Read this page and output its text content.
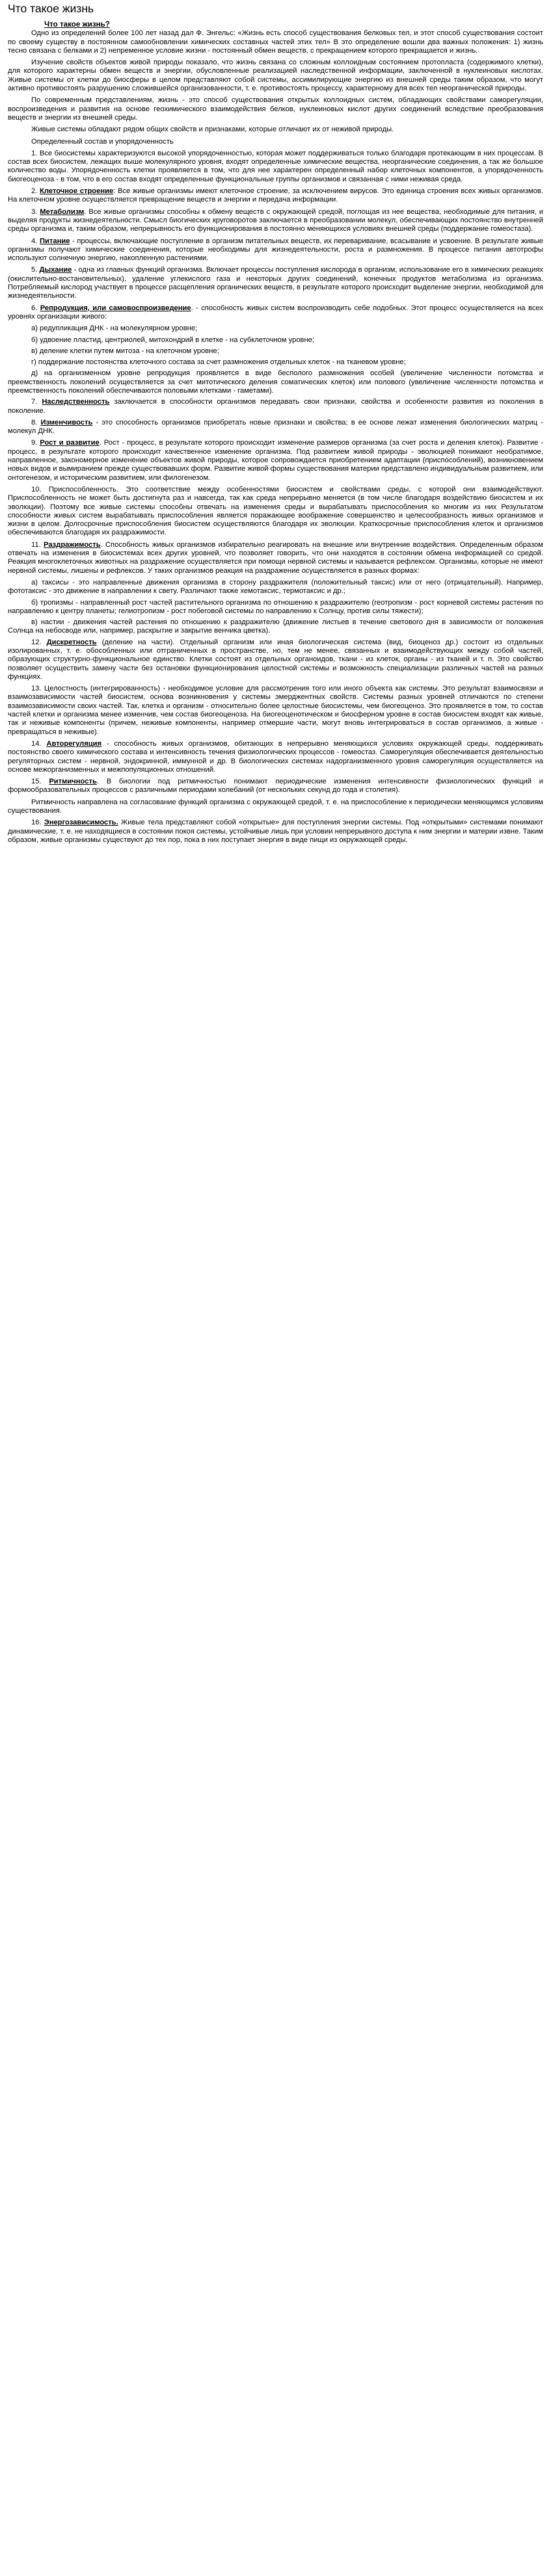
Что такое жизнь
Что такое жизнь?

Одно из определений более 100 лет назад дал Ф. Энгельс: «Жизнь есть способ существования белковых тел, и этот способ существования состоит по своему существу в постоянном самообновлении химических составных частей этих тел» В это определение вошли два важных положения: 1) жизнь тесно связана с белками и 2) непременное условие жизни - постоянный обмен веществ, с прекращением которого прекращается и жизнь.

Изучение свойств объектов живой природы показало, что жизнь связана со сложным коллоидным состоянием протопласта (содержимого клетки), для которого характерны обмен веществ и энергии, обусловленные реализацией наследственной информации, заключенной в нуклеиновых кислотах. Живые системы от клетки до биосферы в целом представляют собой системы, ассимилирующие энергию из внешней среды таким образом, что могут активно противостоять разрушению сложившейся организованности, т. е. противостоять процессу, характерному для всех тел неорганической природы.

По современным представлениям, жизнь - это способ существования открытых коллоидных систем, обладающих свойствами саморегуляции, воспроизведения и развития на основе геохимического взаимодействия белков, нуклеиновых кислот других соединений вследствие преобразования веществ и энергии из внешней среды.

Живые системы обладают рядом общих свойств и признаками, которые отличают их от неживой природы.

Определенный состав и упорядоченность

1. Все биосистемы характеризуются высокой упорядоченностью, которая может поддерживаться только благодаря протекающим в них процессам. В состав всех биосистем, лежащих выше молекулярного уровня, входят определенные химические вещества, неорганические соединения, а так же большое количество воды. Упорядоченность клетки проявляется в том, что для нее характерен определенный набор клеточных компонентов, а упорядоченность биогеоценоза - в том, что в его состав входят определенные функциональные группы организмов и связанная с ними неживая среда.

2. Клеточное строение: Все живые организмы имеют клеточное строение, за исключением вирусов. Это единица строения всех живых организмов. На клеточном уровне осуществляется превращение веществ и энергии и передача информации.

3. Метаболизм. Все живые организмы способны к обмену веществ с окружающей средой, поглощая из нее вещества, необходимые для питания, и выделяя продукты жизнедеятельности. Смысл биогических круговоротов заключается в преобразовании молекул, обеспечивающих постоянство внутренней среды организма и, таким образом, непрерывность его функционирования в постоянно меняющихся условиях внешней среды (поддержание гомеостаза).

4. Питание - процессы, включающие поступление в организм питательных веществ, их переваривание, всасывание и усвоение. В результате живые организмы получают химические соединения, которые необходимы для жизнедеятельности, роста и размножения. В процессе питания автотрофы используют солнечную энергию, накопленную растениями.

5. Дыхание - одна из главных функций организма. Включает процессы поступления кислорода в организм, использование его в химических реакциях (окислительно-востановительных), удаление углекислого газа и некоторых других соединений, конечных продуктов метаболизма из организма. Потребляемый кислород участвует в процессе расщепления органических веществ, в результате которого происходит выделение энергии, необходимой для жизнедеятельности.

6. Репродукция, или самовоспроизведение. - способность живых систем воспроизводить себе подобных. Этот процесс осуществляется на всех уровнях организации живого:

а) редупликация ДНК - на молекулярном уровне;

б) удвоение пластид, центриолей, митохондрий в клетке - на субклеточном уровне;

в) деление клетки путем митоза - на клеточном уровне;

г) поддержание постоянства клеточного состава за счет размножения отдельных клеток - на тканевом уровне;

д) на организменном уровне репродукция проявляется в виде бесполого размножения особей (увеличение численности потомства и преемственность поколений осуществляется за счет митотического деления соматических клеток) или полового (увеличение численности потомства и преемственность поколений обеспечиваются половыми клетками - гаметами).

7. Наследственность заключается в способности организмов передавать свои признаки, свойства и особенности развития из поколения в поколение.

8. Изменчивость - это способность организмов приобретать новые признаки и свойства; в ее основе лежат изменения биологических матриц - молекул ДНК.

9. Рост и развитие. Рост - процесс, в результате которого происходит изменение размеров организма (за счет роста и деления клеток). Развитие - процесс, в результате которого происходит качественное изменение организма. Под развитием живой природы - эволюцией понимают необратимое, направленное, закономерное изменение объектов живой природы, которое сопровождается приобретением адаптации (приспособлений), возникновением новых видов и вымиранием прежде существовавших форм. Развитие живой формы существования материи представлено индивидуальным развитием, или онтогенезом, и историческим развитием, или филогенезом.

10. Приспособленность. Это соответствие между особенностями биосистем и свойствами среды, с которой они взаимодействуют. Приспособленность не может быть достигнута раз и навсегда, так как среда непрерывно меняется (в том числе благодаря воздействию биосистем и их эволюции). Поэтому все живые системы способны отвечать на изменения среды и вырабатывать приспособления ко многим из них Результатом способности живых систем вырабатывать приспособления является поражающее воображение совершенство и целесообразность живых организмов и жизни в целом. Долгосрочные приспособления биосистем осуществляются благодаря их эволюции. Краткосрочные приспособления клеток и организмов обеспечиваются благодаря их раздражимости.

11. Раздражимость. Способность живых организмов избирательно реагировать на внешние или внутренние воздействия. Определенным образом отвечать на изменения в биосистемах всех других уровней, что позволяет говорить, что они находятся в состоянии обмена информацией со средой. Реакция многоклеточных животных на раздражение осуществляется при помощи нервной системы и называется рефлексом. Организмы, которые не имеют нервной системы, лишены и рефлексов. У таких организмов реакция на раздражение осуществляется в разных формах:

а) таксисы - это направленные движения организма в сторону раздражителя (положительный таксис) или от него (отрицательный). Например, фототаксис - это движение в направлении к свету. Различают также хемотаксис, термотаксис и др.;

б) тропизмы - направленный рост частей растительного организма по отношению к раздражителю (геотропизм - рост корневой системы растения по направлению к центру планеты; гелиотропизм - рост побеговой системы по направлению к Солнцу, против силы тяжести);

в) настии - движения частей растения по отношению к раздражителю (движение листьев в течение светового дня в зависимости от положения Солнца на небосводе или, например, раскрытие и закрытие венчика цветка).

12. Дискретность (деление на части). Отдельный организм или иная биологическая система (вид, биоценоз др.) состоит из отдельных изолированных, т. е. обособленных или отграниченных в пространстве, но, тем не менее, связанных и взаимодействующих между собой частей, образующих структурно-функциональное единство. Клетки состоят из отдельных органоидов, ткани - из клеток, органы - из тканей и т. п. Это свойство позволяет осуществить замену части без остановки функционирования целостной системы и возможность специализации различных частей на разных функциях.

13. Целостность (интегрированность) - необходимое условие для рассмотрения того или иного объекта как системы. Это результат взаимосвязи и взаимозависимости частей биосистем, основа возникновения у системы эмерджентных свойств. Системы разных уровней отличаются по степени взаимозависимости своих частей. Так, клетка и организм - относительно более целостные биосистемы, чем биогеоценоз. Это проявляется в том, то состав частей клетки и организма менее изменчив, чем состав биогеоценоза. На биогеоценотическом и биосферном уровне в состав биосистем входят как живые, так и неживые компоненты (причем, неживые компоненты, например отмершие части, могут вновь интегрироваться в состав организмов, а живые - превращаться в неживые).

14. Авторегуляция - способность живых организмов, обитающих в непрерывно меняющихся условиях окружающей среды, поддерживать постоянство своего химического состава и интенсивность течения физиологических процессов - гомеостаз. Саморегуляция обеспечивается деятельностью регуляторных систем - нервной, эндокринной, иммунной и др. В биологических системах надорганизменного уровня саморегуляция осуществляется на основе межорганизменных и межпопуляционных отношений.

15. Ритмичность. В биологии под ритмичностью понимают периодические изменения интенсивности физиологических функций и формообразовательных процессов с различными периодами колебаний (от нескольких секунд до года и столетия).

Ритмичность направлена на согласование функций организма с окружающей средой, т. е. на приспособление к периодически меняющимся условиям существования.

16. Энергозависимость. Живые тела представляют собой «открытые» для поступления энергии системы. Под «открытыми» системами понимают динамические, т. е. не находящиеся в состоянии покоя системы, устойчивые лишь при условии непрерывного доступа к ним энергии и материи извне. Таким образом, живые организмы существуют до тех пор, пока в них поступает энергия в виде пищи из окружающей среды.
